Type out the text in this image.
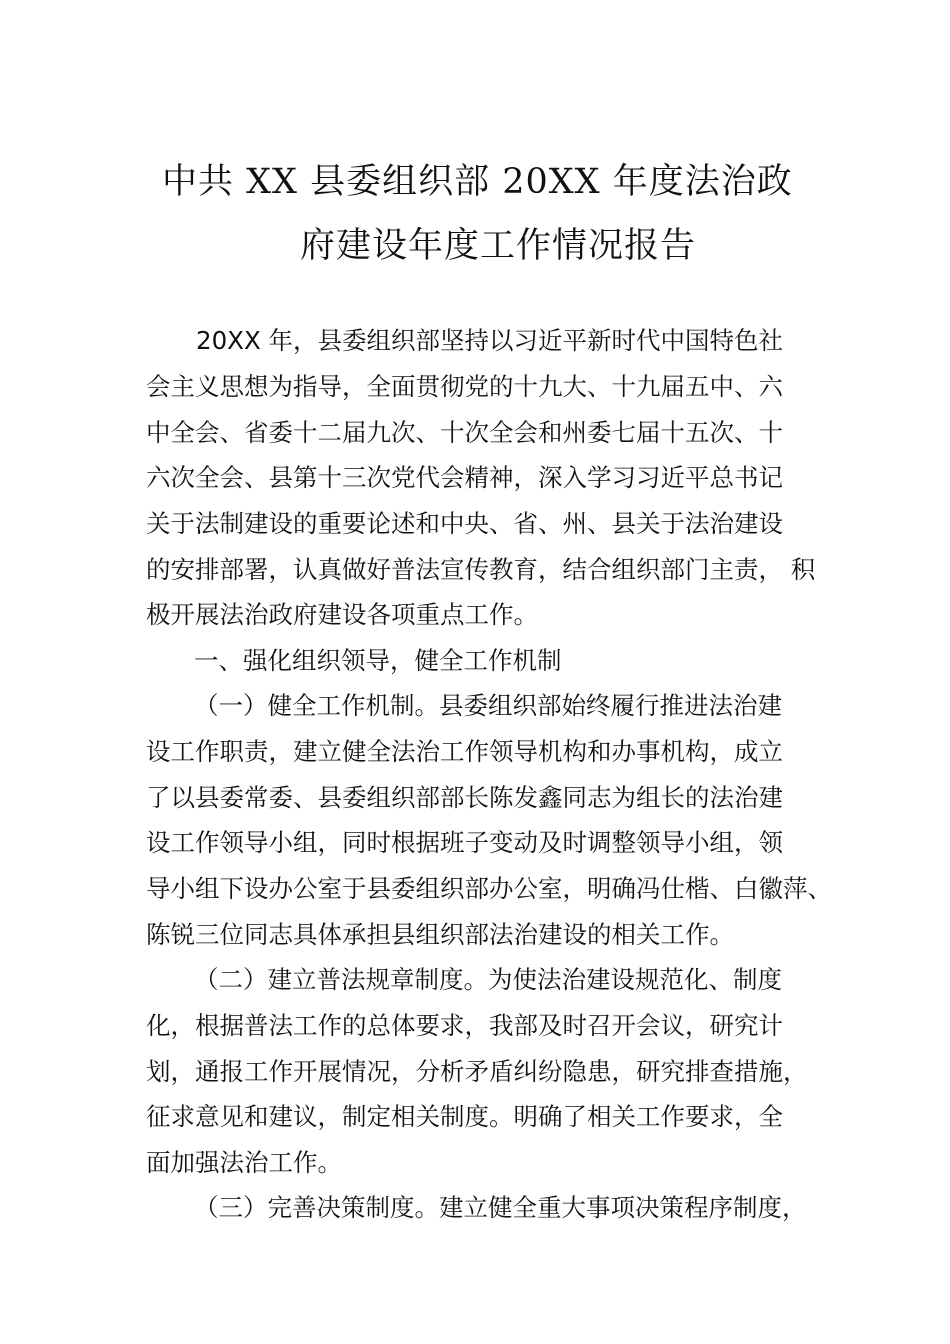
中共 XX 县委组织部 20XX 年度法治政
府建设年度工作情况报告
20XX 年，县委组织部坚持以习近平新时代中国特色社
会主义思想为指导，全面贯彻党的十九大、十九届五中、六
中全会、省委十二届九次、十次全会和州委七届十五次、十
六次全会、县第十三次党代会精神，深入学习习近平总书记
关于法制建设的重要论述和中央、省、州、县关于法治建设
的安排部署，认真做好普法宣传教育，结合组织部门主责， 积
极开展法治政府建设各项重点工作。
一、强化组织领导，健全工作机制
（一）健全工作机制。县委组织部始终履行推进法治建
设工作职责，建立健全法治工作领导机构和办事机构，成立
了以县委常委、县委组织部部长陈发鑫同志为组长的法治建
设工作领导小组，同时根据班子变动及时调整领导小组，领
导小组下设办公室于县委组织部办公室，明确冯仕楷、白徽萍、
陈锐三位同志具体承担县组织部法治建设的相关工作。
（二）建立普法规章制度。为使法治建设规范化、制度
化，根据普法工作的总体要求，我部及时召开会议，研究计
划，通报工作开展情况，分析矛盾纠纷隐患，研究排查措施，
征求意见和建议，制定相关制度。明确了相关工作要求，全
面加强法治工作。
（三）完善决策制度。建立健全重大事项决策程序制度，
